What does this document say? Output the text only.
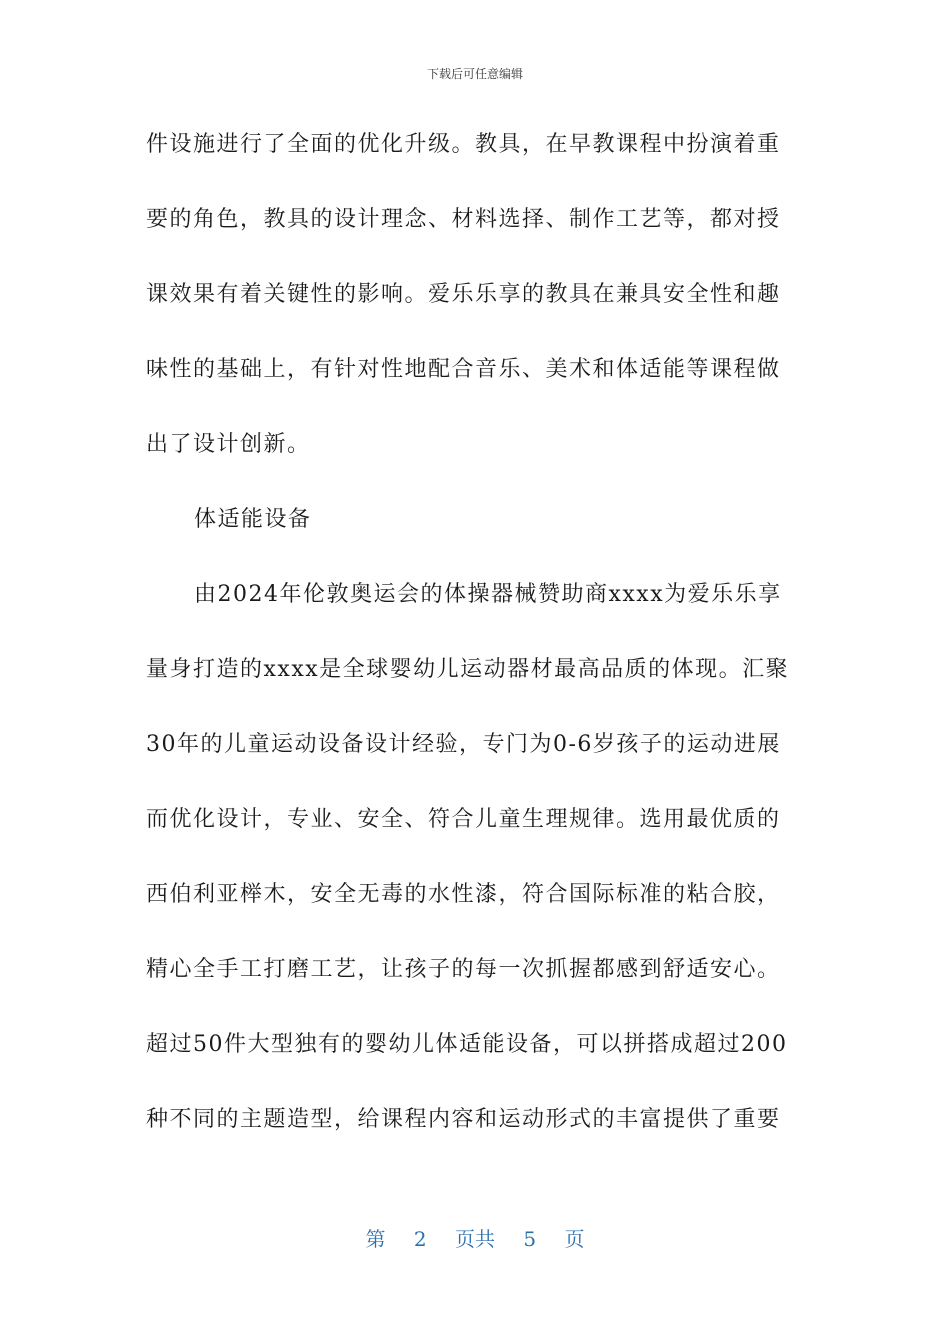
下载后可任意编辑
件设施进行了全面的优化升级。教具，在早教课程中扮演着重
要的角色，教具的设计理念、材料选择、制作工艺等，都对授
课效果有着关键性的影响。爱乐乐享的教具在兼具安全性和趣
味性的基础上，有针对性地配合音乐、美术和体适能等课程做
出了设计创新。
体适能设备
由2024年伦敦奥运会的体操器械赞助商xxxx为爱乐乐享
量身打造的xxxx是全球婴幼儿运动器材最高品质的体现。汇聚
30年的儿童运动设备设计经验，专门为0-6岁孩子的运动进展
而优化设计，专业、安全、符合儿童生理规律。选用最优质的
西伯利亚榉木，安全无毒的水性漆，符合国际标准的粘合胶，
精心全手工打磨工艺，让孩子的每一次抓握都感到舒适安心。
超过50件大型独有的婴幼儿体适能设备，可以拼搭成超过200
种不同的主题造型，给课程内容和运动形式的丰富提供了重要
第 2 页共 5 页
